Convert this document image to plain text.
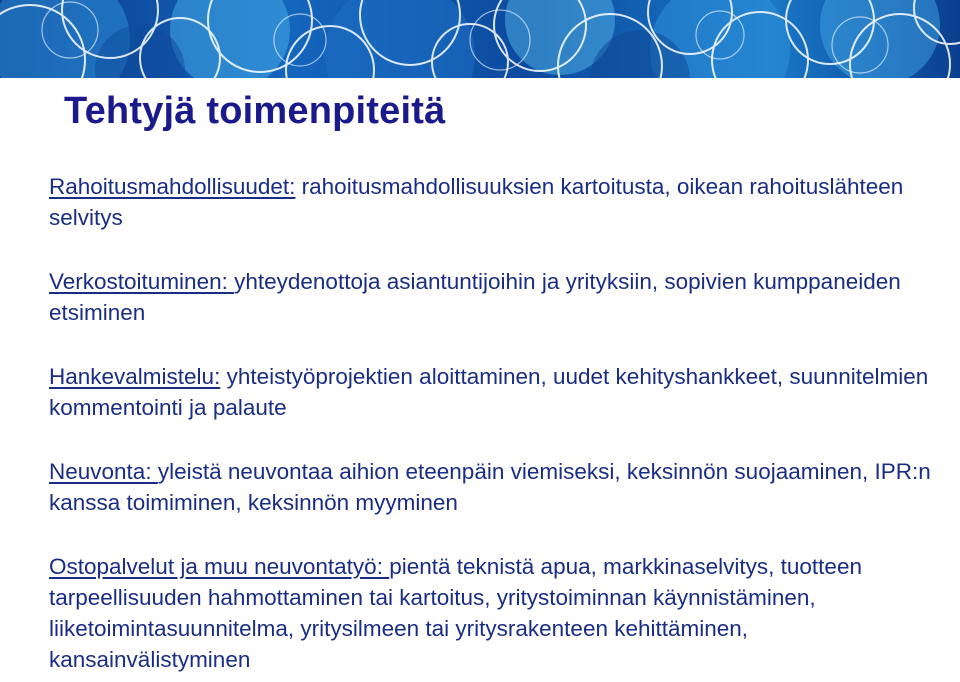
Tehtyjä toimenpiteitä

Rahoitusmahdollisuudet: rahoitusmahdollisuuksien kartoitusta, oikean rahoituslähteen selvitys

Verkostoituminen: yhteydenottoja asiantuntijoihin ja yrityksiin, sopivien kumppaneiden etsiminen

Hankevalmistelu: yhteistyöprojektien aloittaminen, uudet kehityshankkeet, suunnitelmien kommentointi ja palaute

Neuvonta: yleistä neuvontaa aihion eteenpäin viemiseksi, keksinnön suojaaminen, IPR:n kanssa toimiminen, keksinnön myyminen

Ostopalvelut ja muu neuvontatyö: pientä teknistä apua, markkinaselvitys, tuotteen tarpeellisuuden hahmottaminen tai kartoitus, yritystoiminnan käynnistäminen, liiketoimintasuunnitelma, yritysilmeen tai yritysrakenteen kehittäminen, kansainvälistyminen
